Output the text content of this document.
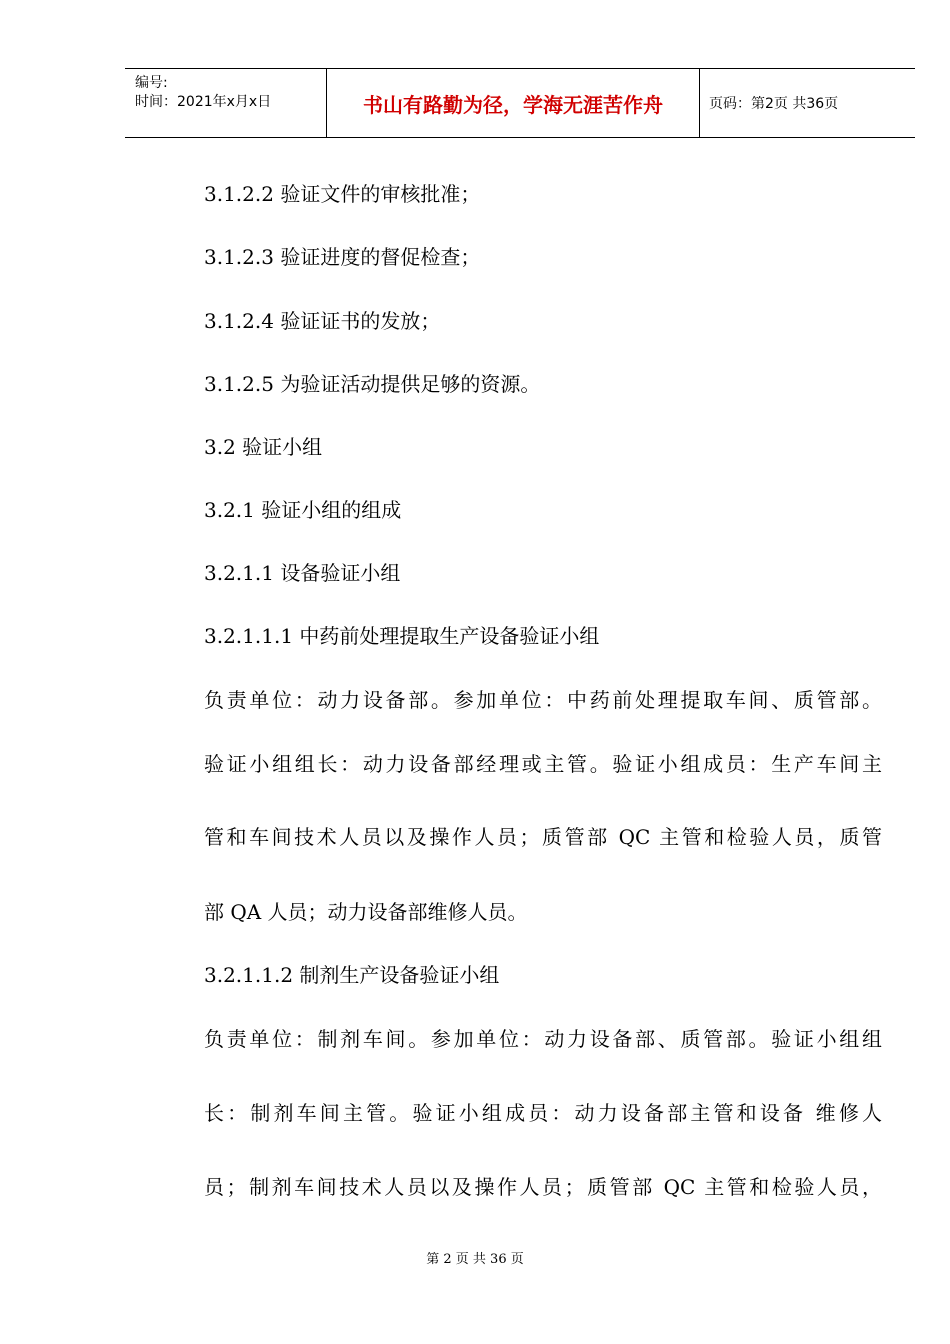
编号:
时间：2021年x月x日	书山有路勤为径，学海无涯苦作舟	页码：第2页 共36页
3.1.2.2 验证文件的审核批准；
3.1.2.3 验证进度的督促检查；
3.1.2.4 验证证书的发放；
3.1.2.5 为验证活动提供足够的资源。
3.2 验证小组
3.2.1 验证小组的组成
3.2.1.1 设备验证小组
3.2.1.1.1 中药前处理提取生产设备验证小组
负责单位：动力设备部。参加单位：中药前处理提取车间、质管部。
验证小组组长：动力设备部经理或主管。验证小组成员：生产车间主
管和车间技术人员以及操作人员；质管部 QC 主管和检验人员，质管
部 QA 人员；动力设备部维修人员。
3.2.1.1.2 制剂生产设备验证小组
负责单位：制剂车间。参加单位：动力设备部、质管部。验证小组组
长：制剂车间主管。验证小组成员：动力设备部主管和设备 维修人
员；制剂车间技术人员以及操作人员；质管部 QC 主管和检验人员，
第 2 页 共 36 页
